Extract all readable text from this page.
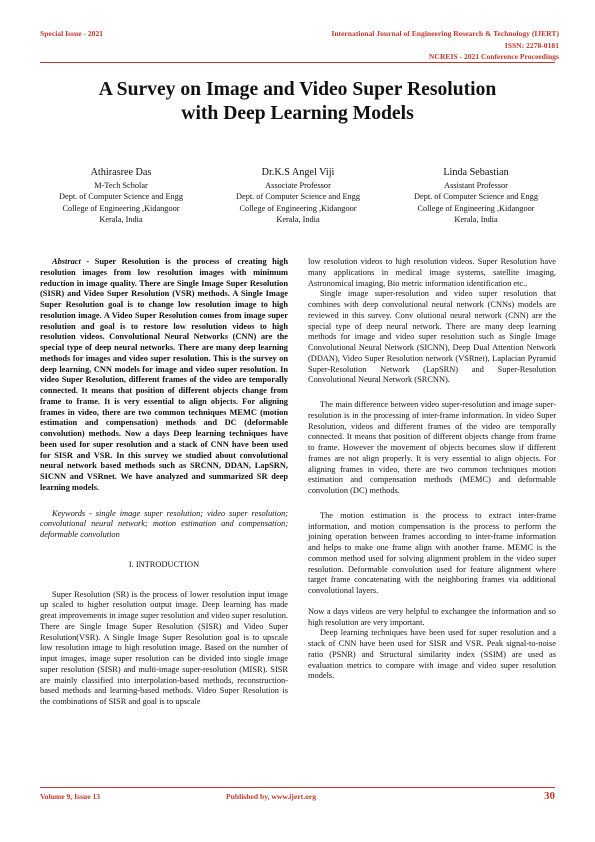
Special Issue - 2021	International Journal of Engineering Research & Technology (IJERT)
ISSN: 2278-0181
NCREIS - 2021 Conference Proceedings
A Survey on Image and Video Super Resolution
with Deep Learning Models
Athirasree Das
M-Tech Scholar
Dept. of Computer Science and Engg
College of Engineering ,Kidangoor
Kerala, India
Dr.K.S Angel Viji
Associate Professor
Dept. of Computer Science and Engg
College of Engineering ,Kidangoor
Kerala, India
Linda Sebastian
Assistant Professor
Dept. of Computer Science and Engg
College of Engineering ,Kidangoor
Kerala, India

Abstract - Super Resolution is the process of creating high resolution images from low resolution images with minimum reduction in image quality. There are Single Image Super Resolution (SISR) and Video Super Resolution (VSR) methods. A Single Image Super Resolution goal is to change low resolution image to high resolution image. A Video Super Resolution comes from image super resolution and goal is to restore low resolution videos to high resolution videos. Convolutional Neural Networks (CNN) are the special type of deep neural networks. There are many deep learning methods for images and video super resolution. This is the survey on deep learning, CNN models for image and video super resolution. In video Super Resolution, different frames of the video are temporally connected. It means that position of different objects change from frame to frame. It is very essential to align objects. For aligning frames in video, there are two common techniques MEMC (motion estimation and compensation) methods and DC (deformable convolution) methods. Now a days Deep learning techniques have been used for super resolution and a stack of CNN have been used for SISR and VSR. In this survey we studied about convolutional neural network based methods such as SRCNN, DDAN, LapSRN, SICNN and VSRnet. We have analyzed and summarized SR deep learning models.

Keywords - single image super resolution; video super resolution; convolutional neural network; motion estimation and compensation; deformable convolution

I. INTRODUCTION

Super Resolution (SR) is the process of lower resolution input image up scaled to higher resolution output image. Deep learning has made great improvements in image super resolution and video super resolution. There are Single Image Super Resolution (SISR) and Video Super Resolution(VSR). A Single Image Super Resolution goal is to upscale low resolution image to high resolution image. Based on the number of input images, image super resolution can be divided into single image super resolution (SISR) and multi-image super-resolution (MISR). SISR are mainly classified into interpolation-based methods, reconstruction-based methods and learning-based methods. Video Super Resolution is the combinations of SISR and goal is to upscale

low resolution videos to high resolution videos. Super Resolution have many applications in medical image systems, satellite imaging, Astronomical imaging, Bio metric information identification etc..

Single image super-resolution and video super resolution that combines with deep convolutional neural network (CNNs) models are reviewed in this survey. Conv olutional neural network (CNN) are the special type of deep neural network. There are many deep learning methods for image and video super resolution such as Single Image Convolutional Neural Network (SICNN), Deep Dual Attention Network (DDAN), Video Super Resolution network (VSRnet), Laplacian Pyramid Super-Resolution Network (LapSRN) and Super-Resolution Convolutional Neural Network (SRCNN).

The main difference between video super-resolution and image super-resolution is in the processing of inter-frame information. In video Super Resolution, videos and different frames of the video are temporally connected. It means that position of different objects change from frame to frame. However the movement of objects becomes slow if different frames are not align properly. It is very essential to align objects. For aligning frames in video, there are two common techniques motion estimation and compensation methods (MEMC) and deformable convolution (DC) methods.

The motion estimation is the process to extract inter-frame information, and motion compensation is the process to perform the joining operation between frames according to inter-frame information and helps to make one frame align with another frame. MEMC is the common method used for solving alignment problem in the video super resolution. Deformable convolution used for feature alignment where target frame concatenating with the neighboring frames via additional convolutional layers.

Now a days videos are very helpful to exchangee the information and so high resolution are very important.

Deep learning techniques have been used for super resolution and a stack of CNN have been used for SISR and VSR. Peak signal-to-noise ratio (PSNR) and Structural similarity index (SSIM) are used as evaluation metrics to compare with image and video super resolution models.

Volume 9, Issue 13	Published by, www.ijert.org	30
